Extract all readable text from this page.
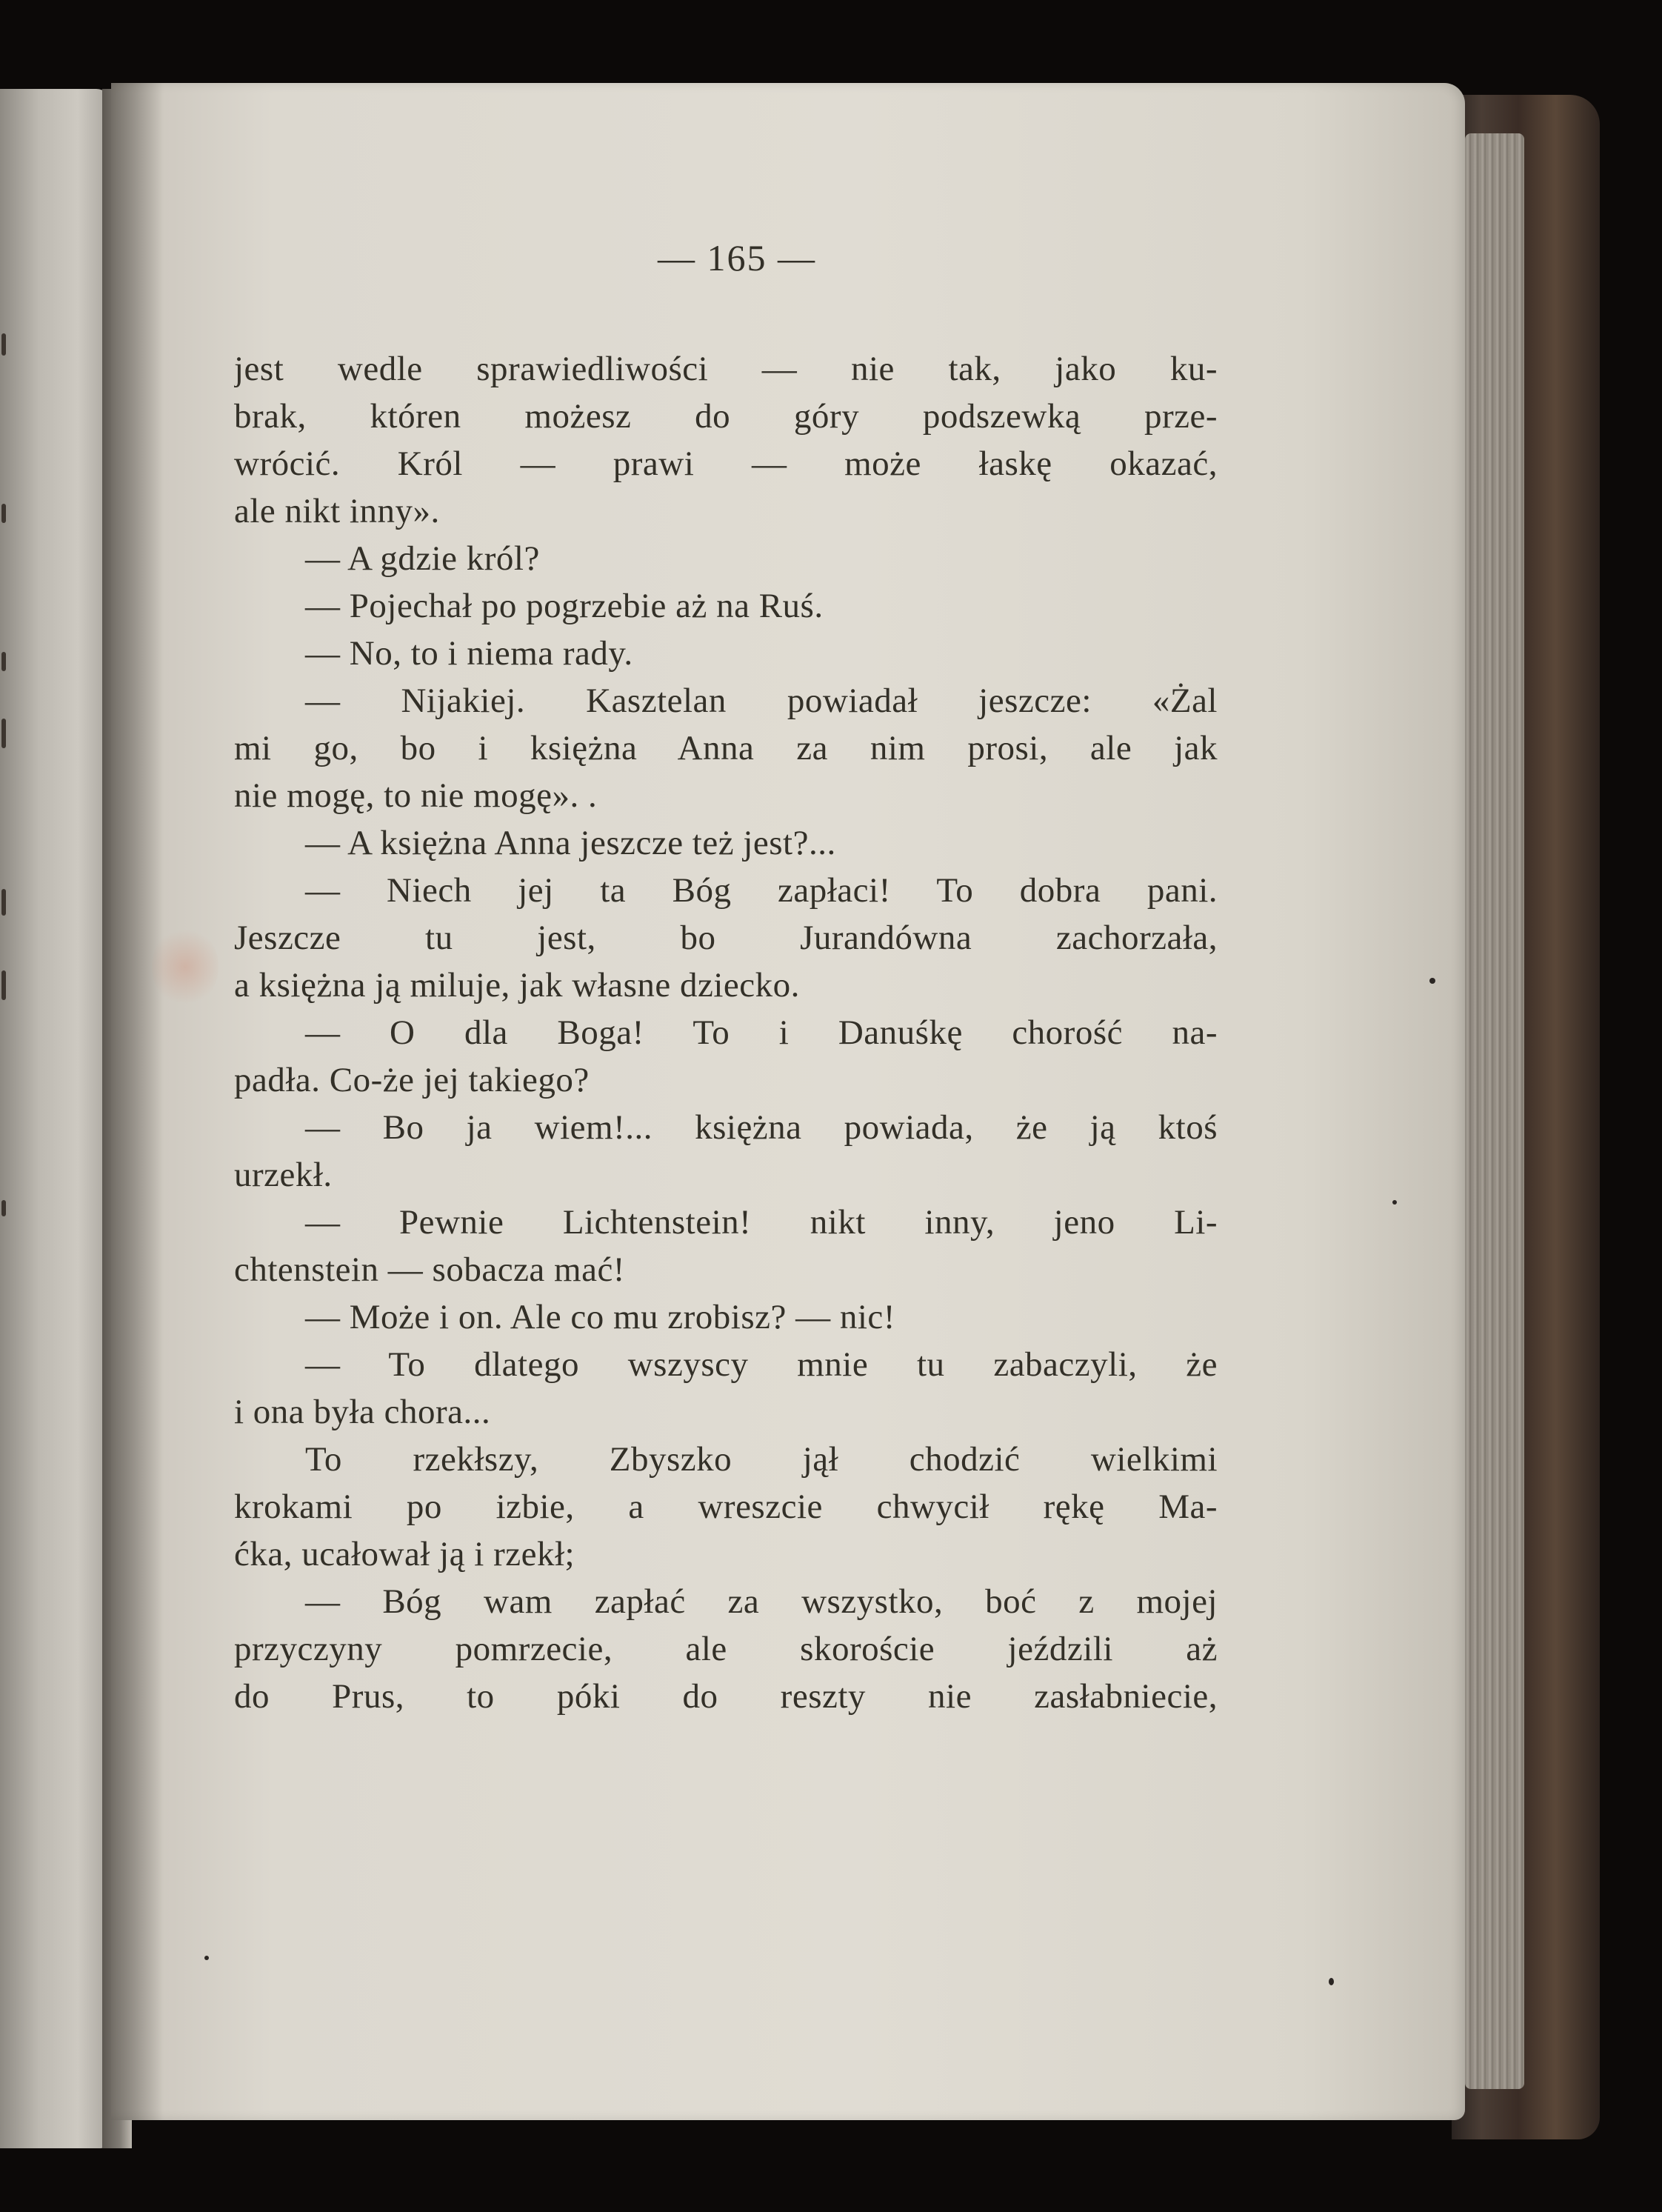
— 165 —
jest wedle sprawiedliwości — nie tak, jako ku-
brak, któren możesz do góry podszewką prze-
wrócić. Król — prawi — może łaskę okazać,
ale nikt inny».
— A gdzie król?
— Pojechał po pogrzebie aż na Ruś.
— No, to i niema rady.
— Nijakiej. Kasztelan powiadał jeszcze: «Żal
mi go, bo i księżna Anna za nim prosi, ale jak
nie mogę, to nie mogę». .
— A księżna Anna jeszcze też jest?...
— Niech jej ta Bóg zapłaci! To dobra pani.
Jeszcze tu jest, bo Jurandówna zachorzała,
a księżna ją miluje, jak własne dziecko.
— O dla Boga! To i Danuśkę chorość na-
padła. Co-że jej takiego?
— Bo ja wiem!... księżna powiada, że ją ktoś
urzekł.
— Pewnie Lichtenstein! nikt inny, jeno Li-
chtenstein — sobacza mać!
— Może i on. Ale co mu zrobisz? — nic!
— To dlatego wszyscy mnie tu zabaczyli, że
i ona była chora...
To rzekłszy, Zbyszko jął chodzić wielkimi
krokami po izbie, a wreszcie chwycił rękę Ma-
ćka, ucałował ją i rzekł;
— Bóg wam zapłać za wszystko, boć z mojej
przyczyny pomrzecie, ale skoroście jeździli aż
do Prus, to póki do reszty nie zasłabniecie,
